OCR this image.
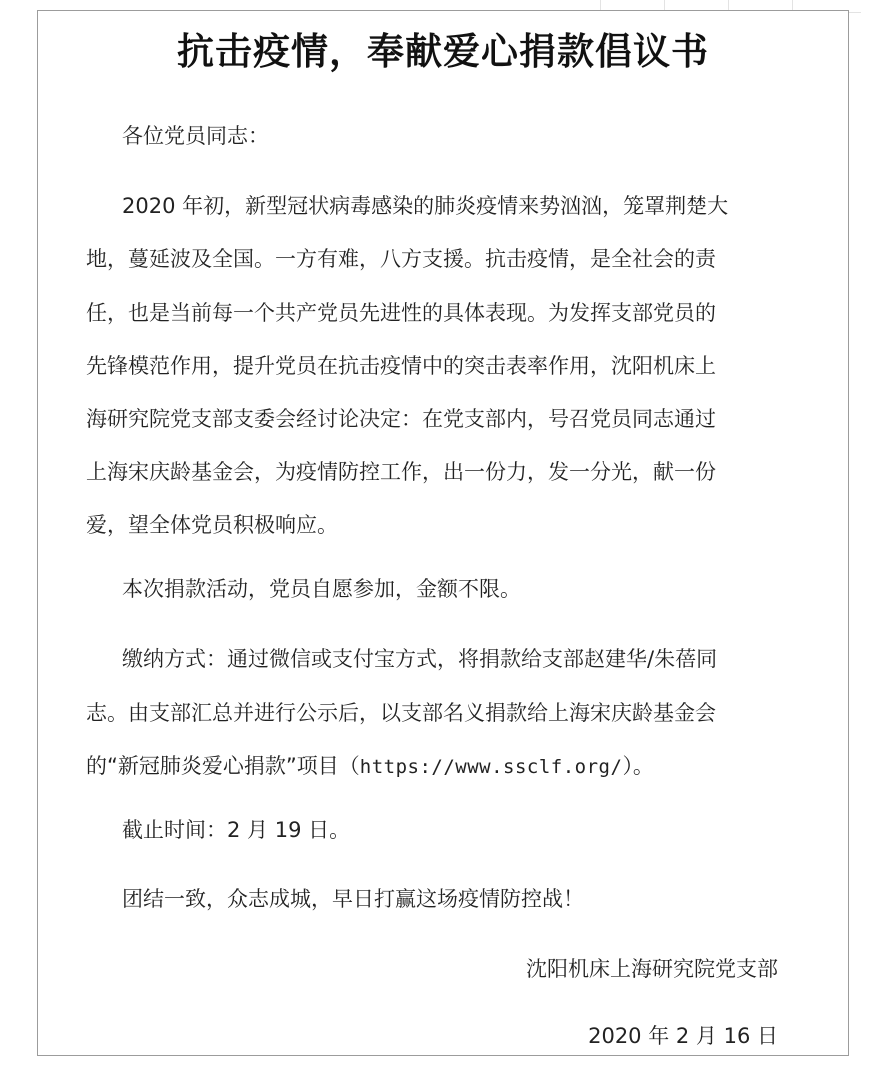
抗击疫情，奉献爱心捐款倡议书
各位党员同志：
2020 年初，新型冠状病毒感染的肺炎疫情来势汹汹，笼罩荆楚大
地，蔓延波及全国。一方有难，八方支援。抗击疫情，是全社会的责
任，也是当前每一个共产党员先进性的具体表现。为发挥支部党员的
先锋模范作用，提升党员在抗击疫情中的突击表率作用，沈阳机床上
海研究院党支部支委会经讨论决定：在党支部内，号召党员同志通过
上海宋庆龄基金会，为疫情防控工作，出一份力，发一分光，献一份
爱，望全体党员积极响应。
本次捐款活动，党员自愿参加，金额不限。
缴纳方式：通过微信或支付宝方式，将捐款给支部赵建华/朱蓓同
志。由支部汇总并进行公示后，以支部名义捐款给上海宋庆龄基金会
的“新冠肺炎爱心捐款”项目（https://www.ssclf.org/）。
截止时间：2 月 19 日。
团结一致，众志成城，早日打赢这场疫情防控战！
沈阳机床上海研究院党支部
2020 年 2 月 16 日
